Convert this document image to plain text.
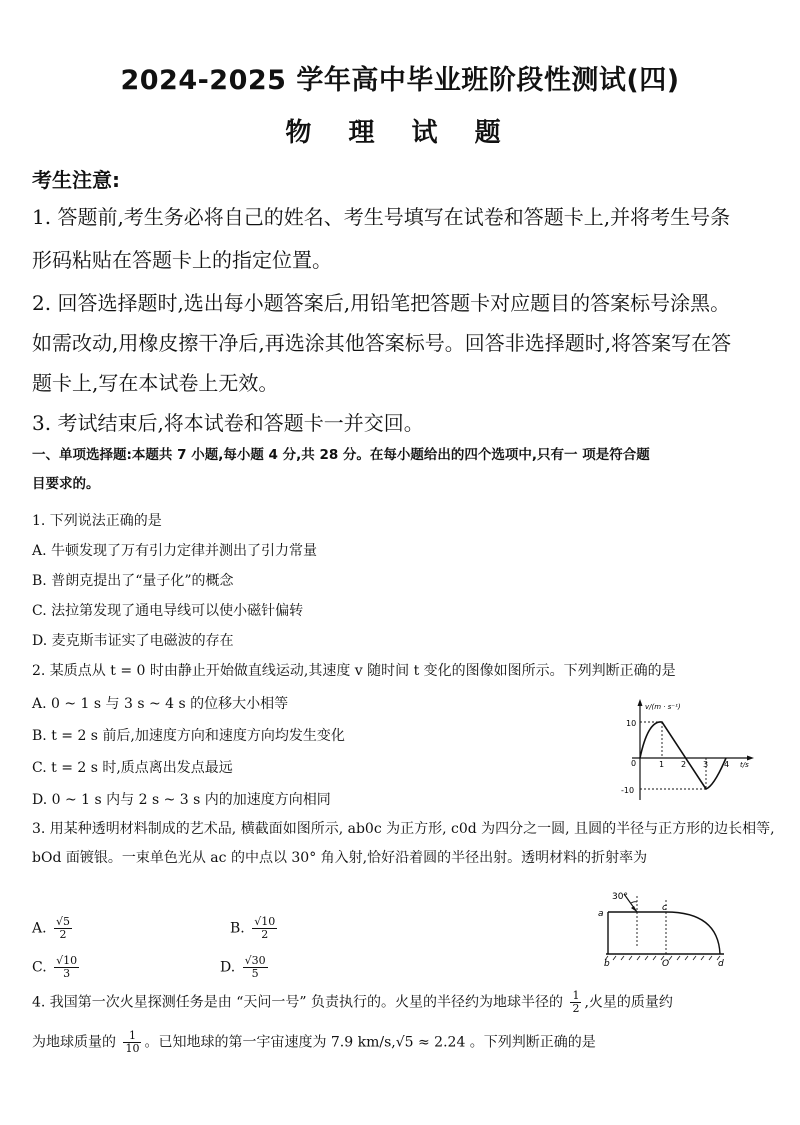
2024-2025 学年高中毕业班阶段性测试(四)
物 理 试 题
考生注意:
1. 答题前,考生务必将自己的姓名、考生号填写在试卷和答题卡上,并将考生号条
形码粘贴在答题卡上的指定位置。
2. 回答选择题时,选出每小题答案后,用铅笔把答题卡对应题目的答案标号涂黑。
如需改动,用橡皮擦干净后,再选涂其他答案标号。回答非选择题时,将答案写在答
题卡上,写在本试卷上无效。
3. 考试结束后,将本试卷和答题卡一并交回。
一、单项选择题:本题共 7 小题,每小题 4 分,共 28 分。在每小题给出的四个选项中,只有一 项是符合题
目要求的。
1. 下列说法正确的是
A. 牛顿发现了万有引力定律并测出了引力常量
B. 普朗克提出了“量子化”的概念
C. 法拉第发现了通电导线可以使小磁针偏转
D. 麦克斯韦证实了电磁波的存在
2. 某质点从 t = 0 时由静止开始做直线运动,其速度 v 随时间 t 变化的图像如图所示。下列判断正确的是
A. 0 ~ 1 s 与 3 s ~ 4 s 的位移大小相等
B. t = 2 s 前后,加速度方向和速度方向均发生变化
C. t = 2 s 时,质点离出发点最远
D. 0 ~ 1 s 内与 2 s ~ 3 s 内的加速度方向相同
v/(m · s⁻¹)
t/s
10
-10
0	1 2 3 4
3. 用某种透明材料制成的艺术品, 横截面如图所示, ab0c 为正方形, c0d 为四分之一圆, 且圆的半径与正方形的边长相等, bOd 面镀银。一束单色光从 ac 的中点以 30° 角入射,恰好沿着圆的半径出射。透明材料的折射率为
A. $\frac{√5}{2}$	B. $\frac{√10}{2}$
C. $\frac{√10}{3}$	D. $\frac{√30}{5}$
30°
a
c
b	O	d
4. 我国第一次火星探测任务是由 “天问一号” 负责执行的。火星的半径约为地球半径的 $\frac{1}{2}$ ,火星的质量约
为地球质量的 $\frac{1}{10}$ 。已知地球的第一宇宙速度为 7.9 km/s,√5 ≈ 2.24 。下列判断正确的是
